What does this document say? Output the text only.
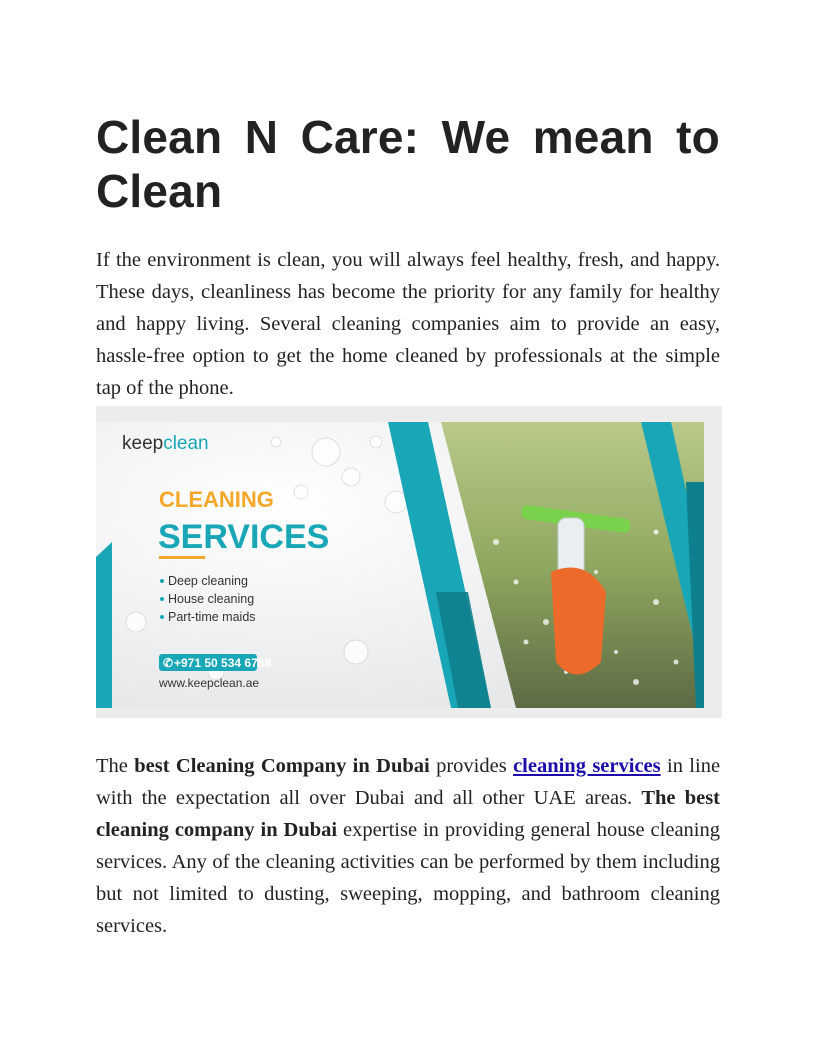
Clean N Care: We mean to
Clean

If the environment is clean, you will always feel healthy, fresh, and happy. These days, cleanliness has become the priority for any family for healthy and happy living. Several cleaning companies aim to provide an easy, hassle-free option to get the home cleaned by professionals at the simple tap of the phone.

keepclean
CLEANING
SERVICES
Deep cleaning
House cleaning
Part-time maids
✆ +971 50 534 6788
www.keepclean.ae

The best Cleaning Company in Dubai provides cleaning services in line with the expectation all over Dubai and all other UAE areas. The best cleaning company in Dubai expertise in providing general house cleaning services. Any of the cleaning activities can be performed by them including but not limited to dusting, sweeping, mopping, and bathroom cleaning services.
